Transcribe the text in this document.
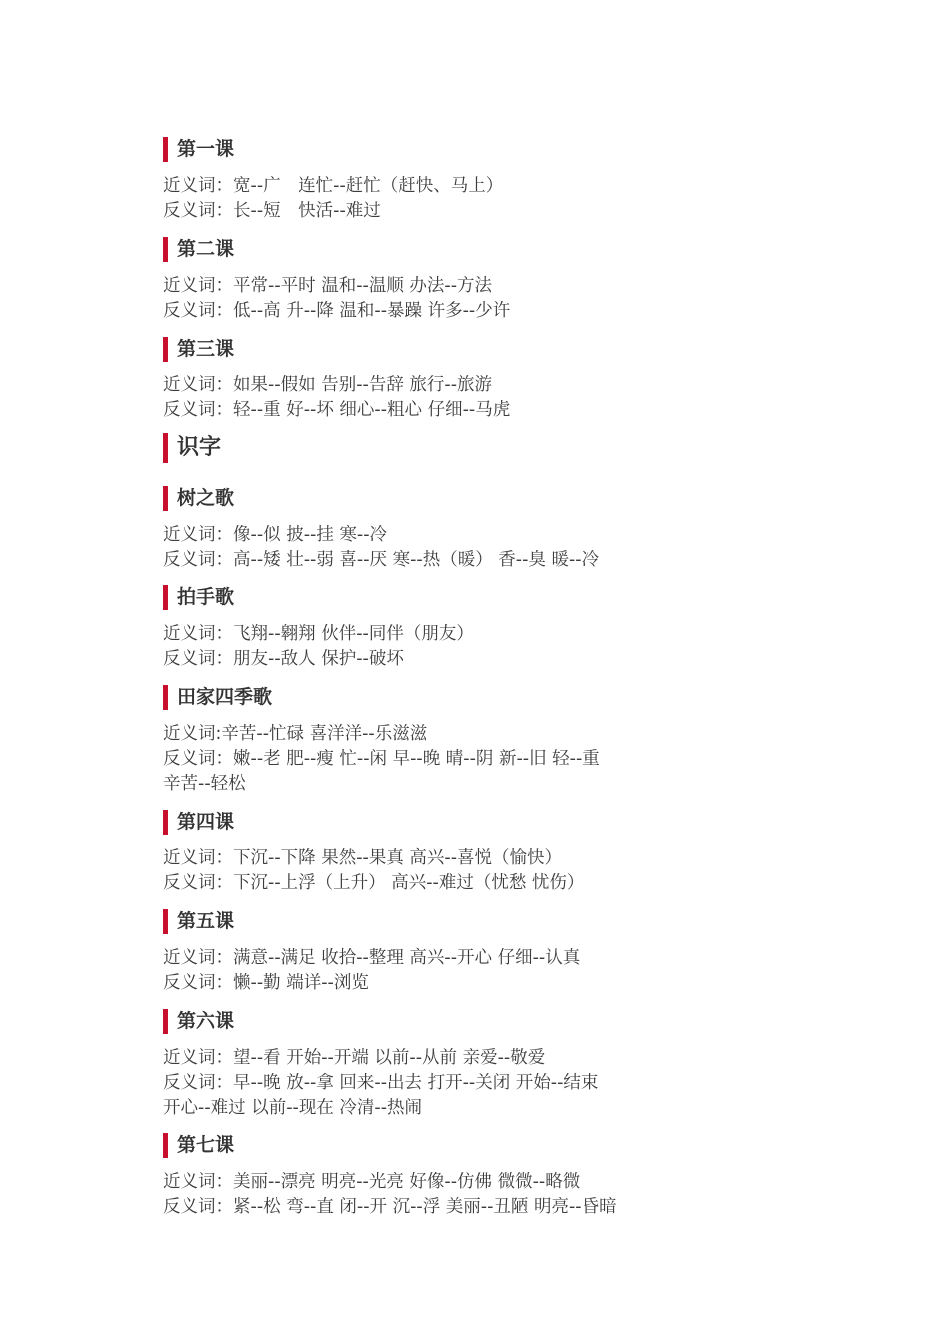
第一课
近义词：宽--广　连忙--赶忙（赶快、马上）
反义词：长--短　快活--难过
第二课
近义词：平常--平时 温和--温顺 办法--方法
反义词：低--高 升--降 温和--暴躁 许多--少许
第三课
近义词：如果--假如 告别--告辞 旅行--旅游
反义词：轻--重 好--坏 细心--粗心 仔细--马虎
识字
树之歌
近义词：像--似 披--挂 寒--冷
反义词：高--矮 壮--弱 喜--厌 寒--热（暖） 香--臭 暖--冷
拍手歌
近义词：飞翔--翱翔 伙伴--同伴（朋友）
反义词：朋友--敌人 保护--破坏
田家四季歌
近义词:辛苦--忙碌 喜洋洋--乐滋滋
反义词：嫩--老 肥--瘦 忙--闲 早--晚 晴--阴 新--旧 轻--重
辛苦--轻松
第四课
近义词：下沉--下降 果然--果真 高兴--喜悦（愉快）
反义词：下沉--上浮（上升） 高兴--难过（忧愁 忧伤）
第五课
近义词：满意--满足 收拾--整理 高兴--开心 仔细--认真
反义词：懒--勤 端详--浏览
第六课
近义词：望--看 开始--开端 以前--从前 亲爱--敬爱
反义词：早--晚 放--拿 回来--出去 打开--关闭 开始--结束
开心--难过 以前--现在 冷清--热闹
第七课
近义词：美丽--漂亮 明亮--光亮 好像--仿佛 微微--略微
反义词：紧--松 弯--直 闭--开 沉--浮 美丽--丑陋 明亮--昏暗
